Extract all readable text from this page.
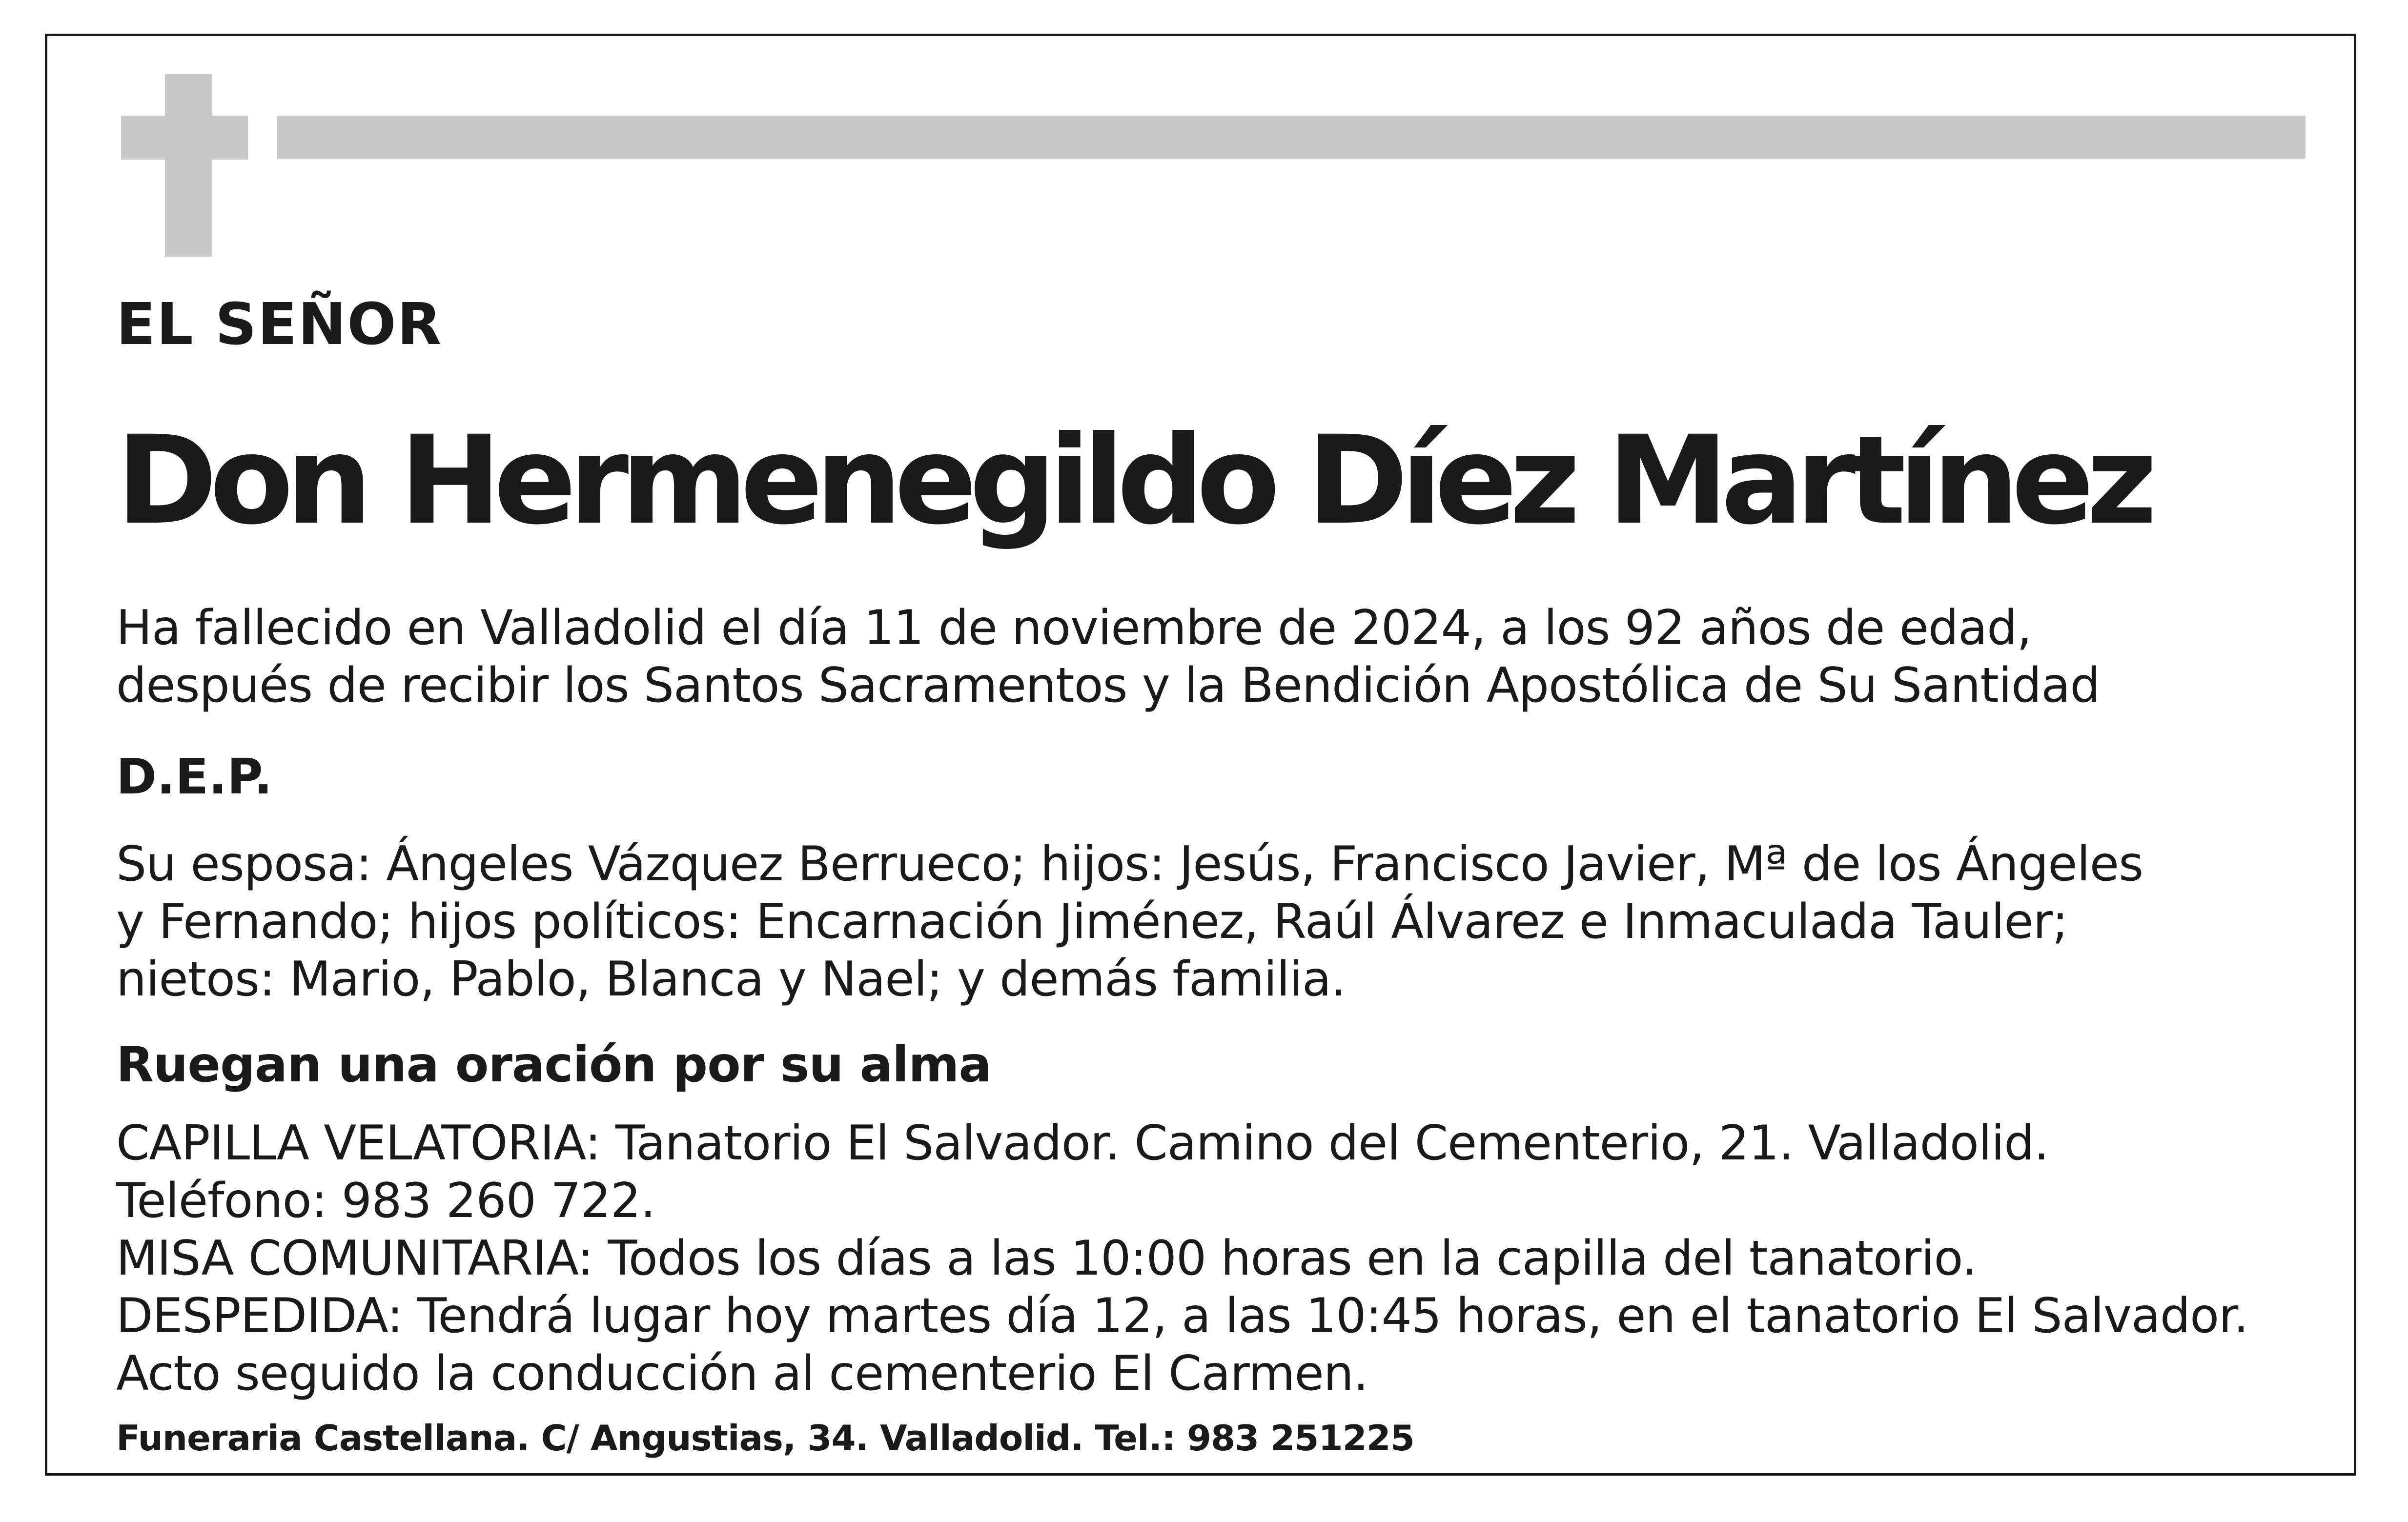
EL SEÑOR

Don Hermenegildo Díez Martínez

Ha fallecido en Valladolid el día 11 de noviembre de 2024, a los 92 años de edad,
después de recibir los Santos Sacramentos y la Bendición Apostólica de Su Santidad

D.E.P.

Su esposa: Ángeles Vázquez Berrueco; hijos: Jesús, Francisco Javier, Mª de los Ángeles
y Fernando; hijos políticos: Encarnación Jiménez, Raúl Álvarez e Inmaculada Tauler;
nietos: Mario, Pablo, Blanca y Nael; y demás familia.

Ruegan una oración por su alma

CAPILLA VELATORIA: Tanatorio El Salvador. Camino del Cementerio, 21. Valladolid.
Teléfono: 983 260 722.
MISA COMUNITARIA: Todos los días a las 10:00 horas en la capilla del tanatorio.
DESPEDIDA: Tendrá lugar hoy martes día 12, a las 10:45 horas, en el tanatorio El Salvador.
Acto seguido la conducción al cementerio El Carmen.

Funeraria Castellana. C/ Angustias, 34. Valladolid. Tel.: 983 251225
